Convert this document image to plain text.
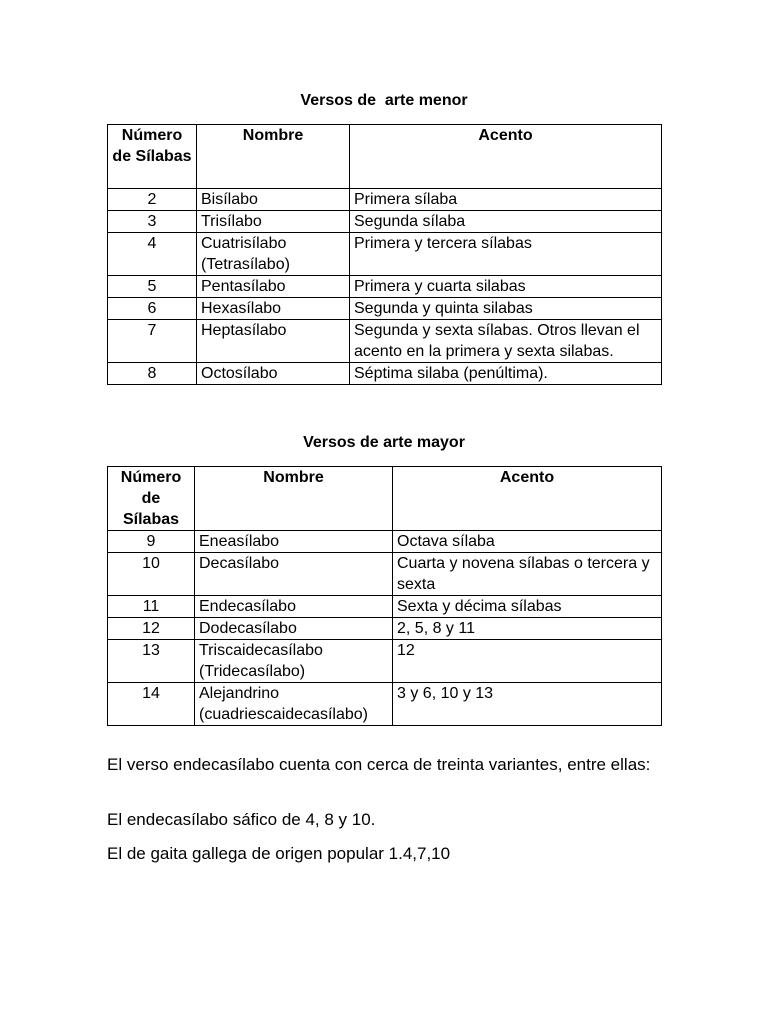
Versos de  arte menor
Número de Sílabas	Nombre	Acento
2	Bisílabo	Primera sílaba
3	Trisílabo	Segunda sílaba
4	Cuatrisílabo (Tetrasílabo)	Primera y tercera sílabas
5	Pentasílabo	Primera y cuarta silabas
6	Hexasílabo	Segunda y quinta silabas
7	Heptasílabo	Segunda y sexta sílabas. Otros llevan el acento en la primera y sexta silabas.
8	Octosílabo	Séptima silaba (penúltima).
Versos de arte mayor
Número de Sílabas	Nombre	Acento
9	Eneasílabo	Octava sílaba
10	Decasílabo	Cuarta y novena sílabas o tercera y sexta
11	Endecasílabo	Sexta y décima sílabas
12	Dodecasílabo	2, 5, 8 y 11
13	Triscaidecasílabo (Tridecasílabo)	12
14	Alejandrino (cuadriescaidecasílabo)	3 y 6, 10 y 13
El verso endecasílabo cuenta con cerca de treinta variantes, entre ellas:
El endecasílabo sáfico de 4, 8 y 10.
El de gaita gallega de origen popular 1.4,7,10
